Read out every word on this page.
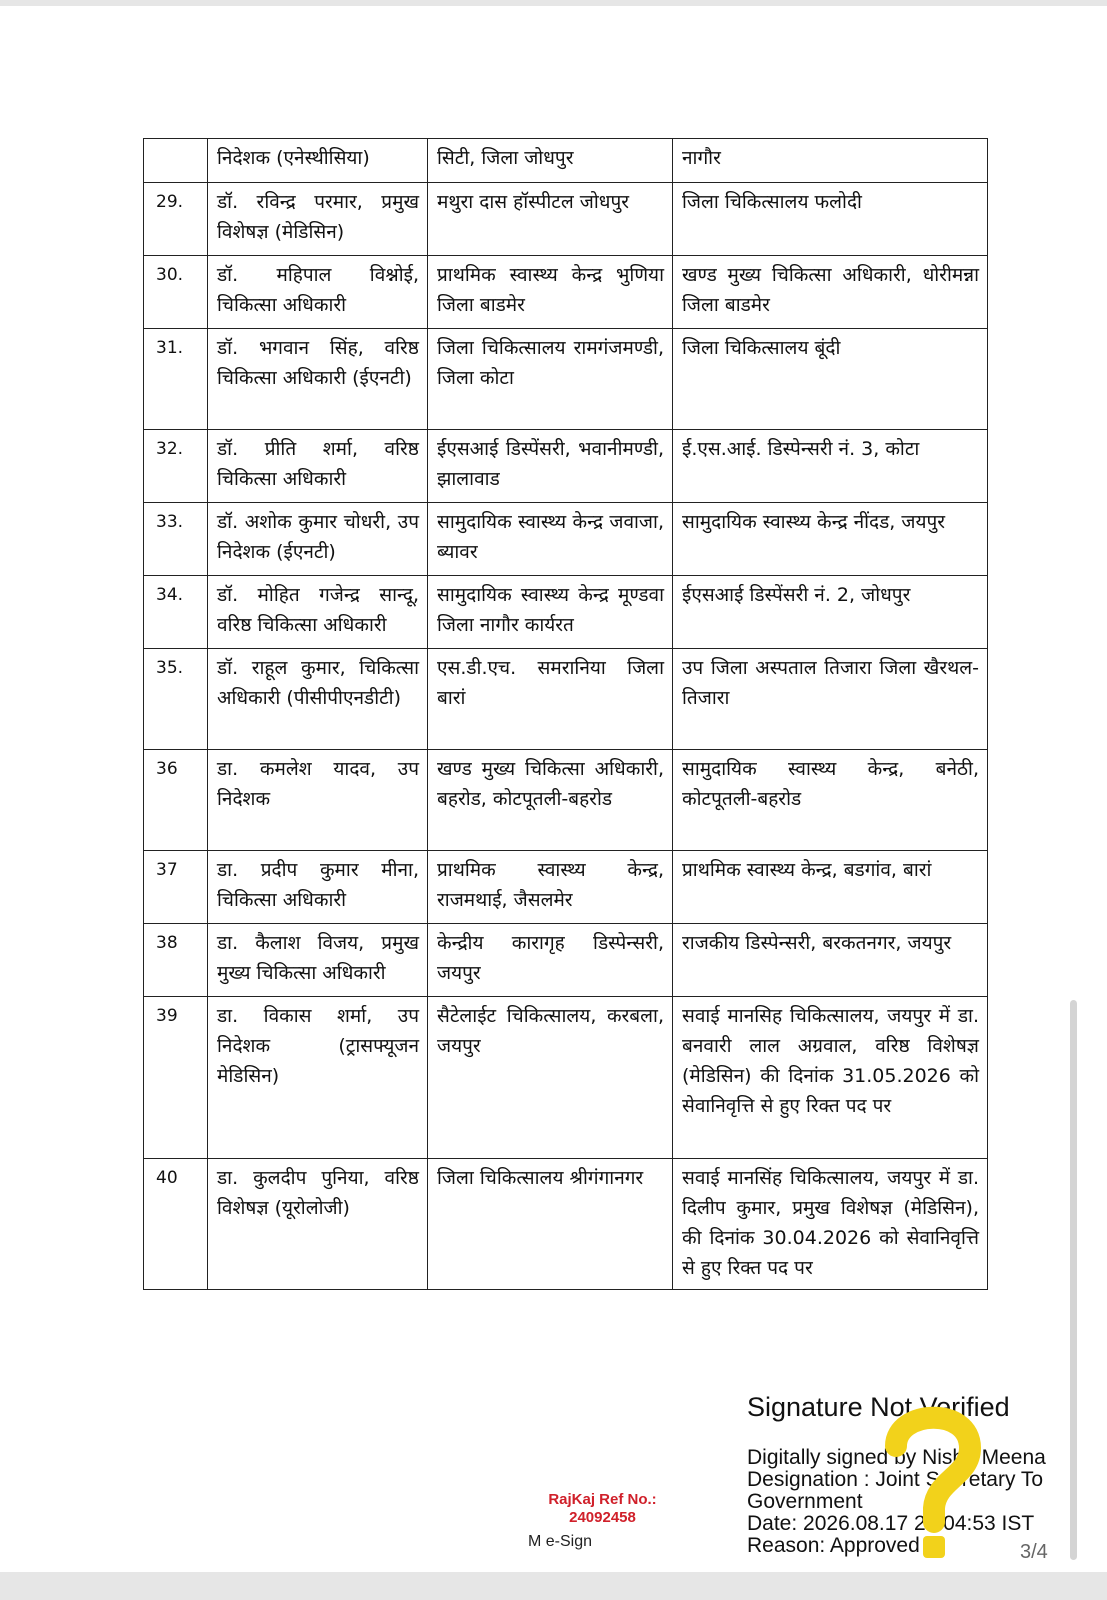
	निदेशक (एनेस्थीसिया)	सिटी, जिला जोधपुर	नागौर
29.	डॉ. रविन्द्र परमार, प्रमुख विशेषज्ञ (मेडिसिन)	मथुरा दास हॉस्पीटल जोधपुर	जिला चिकित्सालय फलोदी
30.	डॉ. महिपाल विश्नोई, चिकित्सा अधिकारी	प्राथमिक स्वास्थ्य केन्द्र भुणिया जिला बाडमेर	खण्ड मुख्य चिकित्सा अधिकारी, धोरीमन्ना जिला बाडमेर
31.	डॉ. भगवान सिंह, वरिष्ठ चिकित्सा अधिकारी (ईएनटी)	जिला चिकित्सालय रामगंजमण्डी, जिला कोटा	जिला चिकित्सालय बूंदी
32.	डॉ. प्रीति शर्मा, वरिष्ठ चिकित्सा अधिकारी	ईएसआई डिस्पेंसरी, भवानीमण्डी, झालावाड	ई.एस.आई. डिस्पेन्सरी नं. 3, कोटा
33.	डॉ. अशोक कुमार चोधरी, उप निदेशक (ईएनटी)	सामुदायिक स्वास्थ्य केन्द्र जवाजा, ब्यावर	सामुदायिक स्वास्थ्य केन्द्र नींदड, जयपुर
34.	डॉ. मोहित गजेन्द्र सान्दू, वरिष्ठ चिकित्सा अधिकारी	सामुदायिक स्वास्थ्य केन्द्र मूण्डवा जिला नागौर कार्यरत	ईएसआई डिस्पेंसरी नं. 2, जोधपुर
35.	डॉ. राहूल कुमार, चिकित्सा अधिकारी (पीसीपीएनडीटी)	एस.डी.एच. समरानिया जिला बारां	उप जिला अस्पताल तिजारा जिला खैरथल-तिजारा
36	डा. कमलेश यादव, उप निदेशक	खण्ड मुख्य चिकित्सा अधिकारी, बहरोड, कोटपूतली-बहरोड	सामुदायिक स्वास्थ्य केन्द्र, बनेठी, कोटपूतली-बहरोड
37	डा. प्रदीप कुमार मीना, चिकित्सा अधिकारी	प्राथमिक स्वास्थ्य केन्द्र, राजमथाई, जैसलमेर	प्राथमिक स्वास्थ्य केन्द्र, बडगांव, बारां
38	डा. कैलाश विजय, प्रमुख मुख्य चिकित्सा अधिकारी	केन्द्रीय कारागृह डिस्पेन्सरी, जयपुर	राजकीय डिस्पेन्सरी, बरकतनगर, जयपुर
39	डा. विकास शर्मा, उप निदेशक (ट्रासफ्यूजन मेडिसिन)	सैटेलाईट चिकित्सालय, करबला, जयपुर	सवाई मानसिह चिकित्सालय, जयपुर में डा. बनवारी लाल अग्रवाल, वरिष्ठ विशेषज्ञ (मेडिसिन) की दिनांक 31.05.2026 को सेवानिवृत्ति से हुए रिक्त पद पर
40	डा. कुलदीप पुनिया, वरिष्ठ विशेषज्ञ (यूरोलोजी)	जिला चिकित्सालय श्रीगंगानगर	सवाई मानसिंह चिकित्सालय, जयपुर में डा. दिलीप कुमार, प्रमुख विशेषज्ञ (मेडिसिन), की दिनांक 30.04.2026 को सेवानिवृत्ति से हुए रिक्त पद पर
RajKaj Ref No.:
24092458
M e-Sign
Signature Not Verified
Digitally signed by Nisha Meena
Designation : Joint Secretary To
Government
Date: 2026.08.17 23:04:53 IST
Reason: Approved	3/4
